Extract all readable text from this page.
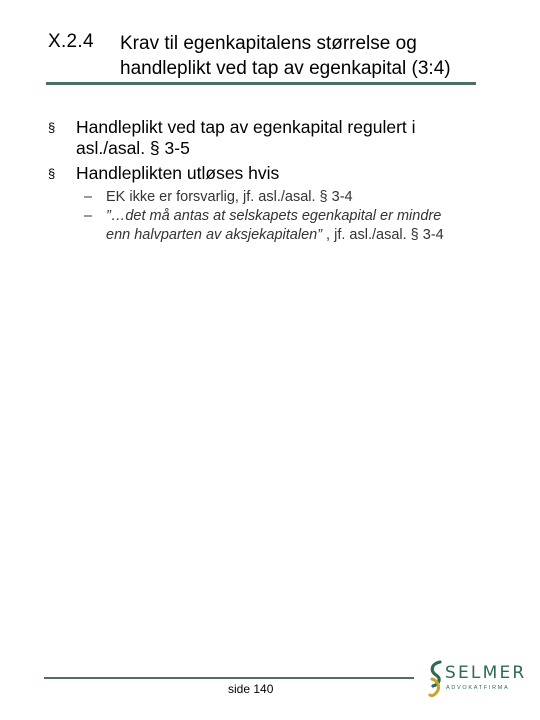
X.2.4 Krav til egenkapitalens størrelse og
handleplikt ved tap av egenkapital (3:4)
§ Handleplikt ved tap av egenkapital regulert i
asl./asal. § 3-5
§ Handleplikten utløses hvis
– EK ikke er forsvarlig, jf. asl./asal. § 3-4
– ”…det må antas at selskapets egenkapital er mindre
enn halvparten av aksjekapitalen” , jf. asl./asal. § 3-4
side 140
SELMER
ADVOKATFIRMA
